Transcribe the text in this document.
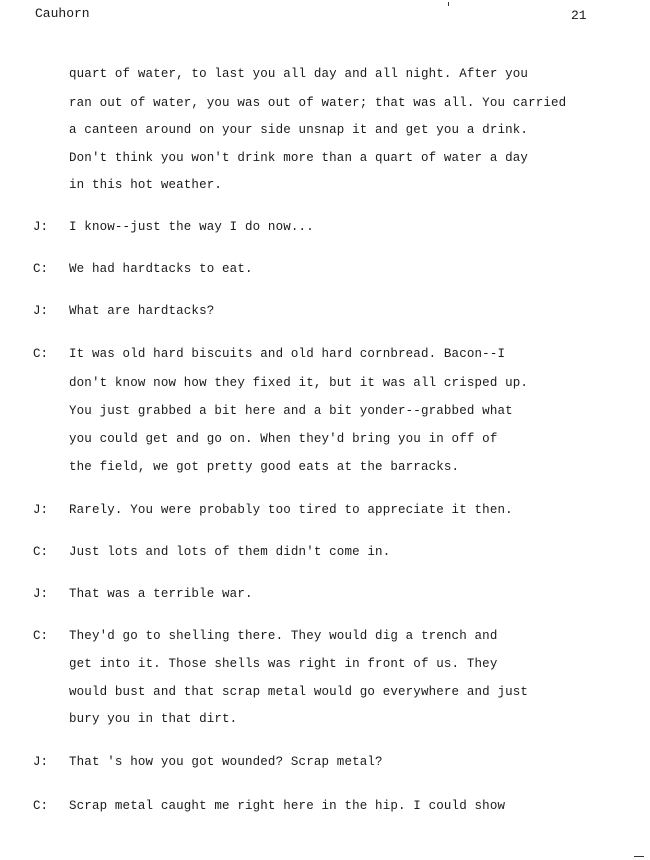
Cauhorn	21
quart of water, to last you all day and all night. After you
ran out of water, you was out of water; that was all. You carried
a canteen around on your side unsnap it and get you a drink.
Don't think you won't drink more than a quart of water a day
in this hot weather.
J: I know--just the way I do now...
C: We had hardtacks to eat.
J: What are hardtacks?
C: It was old hard biscuits and old hard cornbread. Bacon--I
don't know now how they fixed it, but it was all crisped up.
You just grabbed a bit here and a bit yonder--grabbed what
you could get and go on. When they'd bring you in off of
the field, we got pretty good eats at the barracks.
J: Rarely. You were probably too tired to appreciate it then.
C: Just lots and lots of them didn't come in.
J: That was a terrible war.
C: They'd go to shelling there. They would dig a trench and
get into it. Those shells was right in front of us. They
would bust and that scrap metal would go everywhere and just
bury you in that dirt.
J: That 's how you got wounded? Scrap metal?
C: Scrap metal caught me right here in the hip. I could show
